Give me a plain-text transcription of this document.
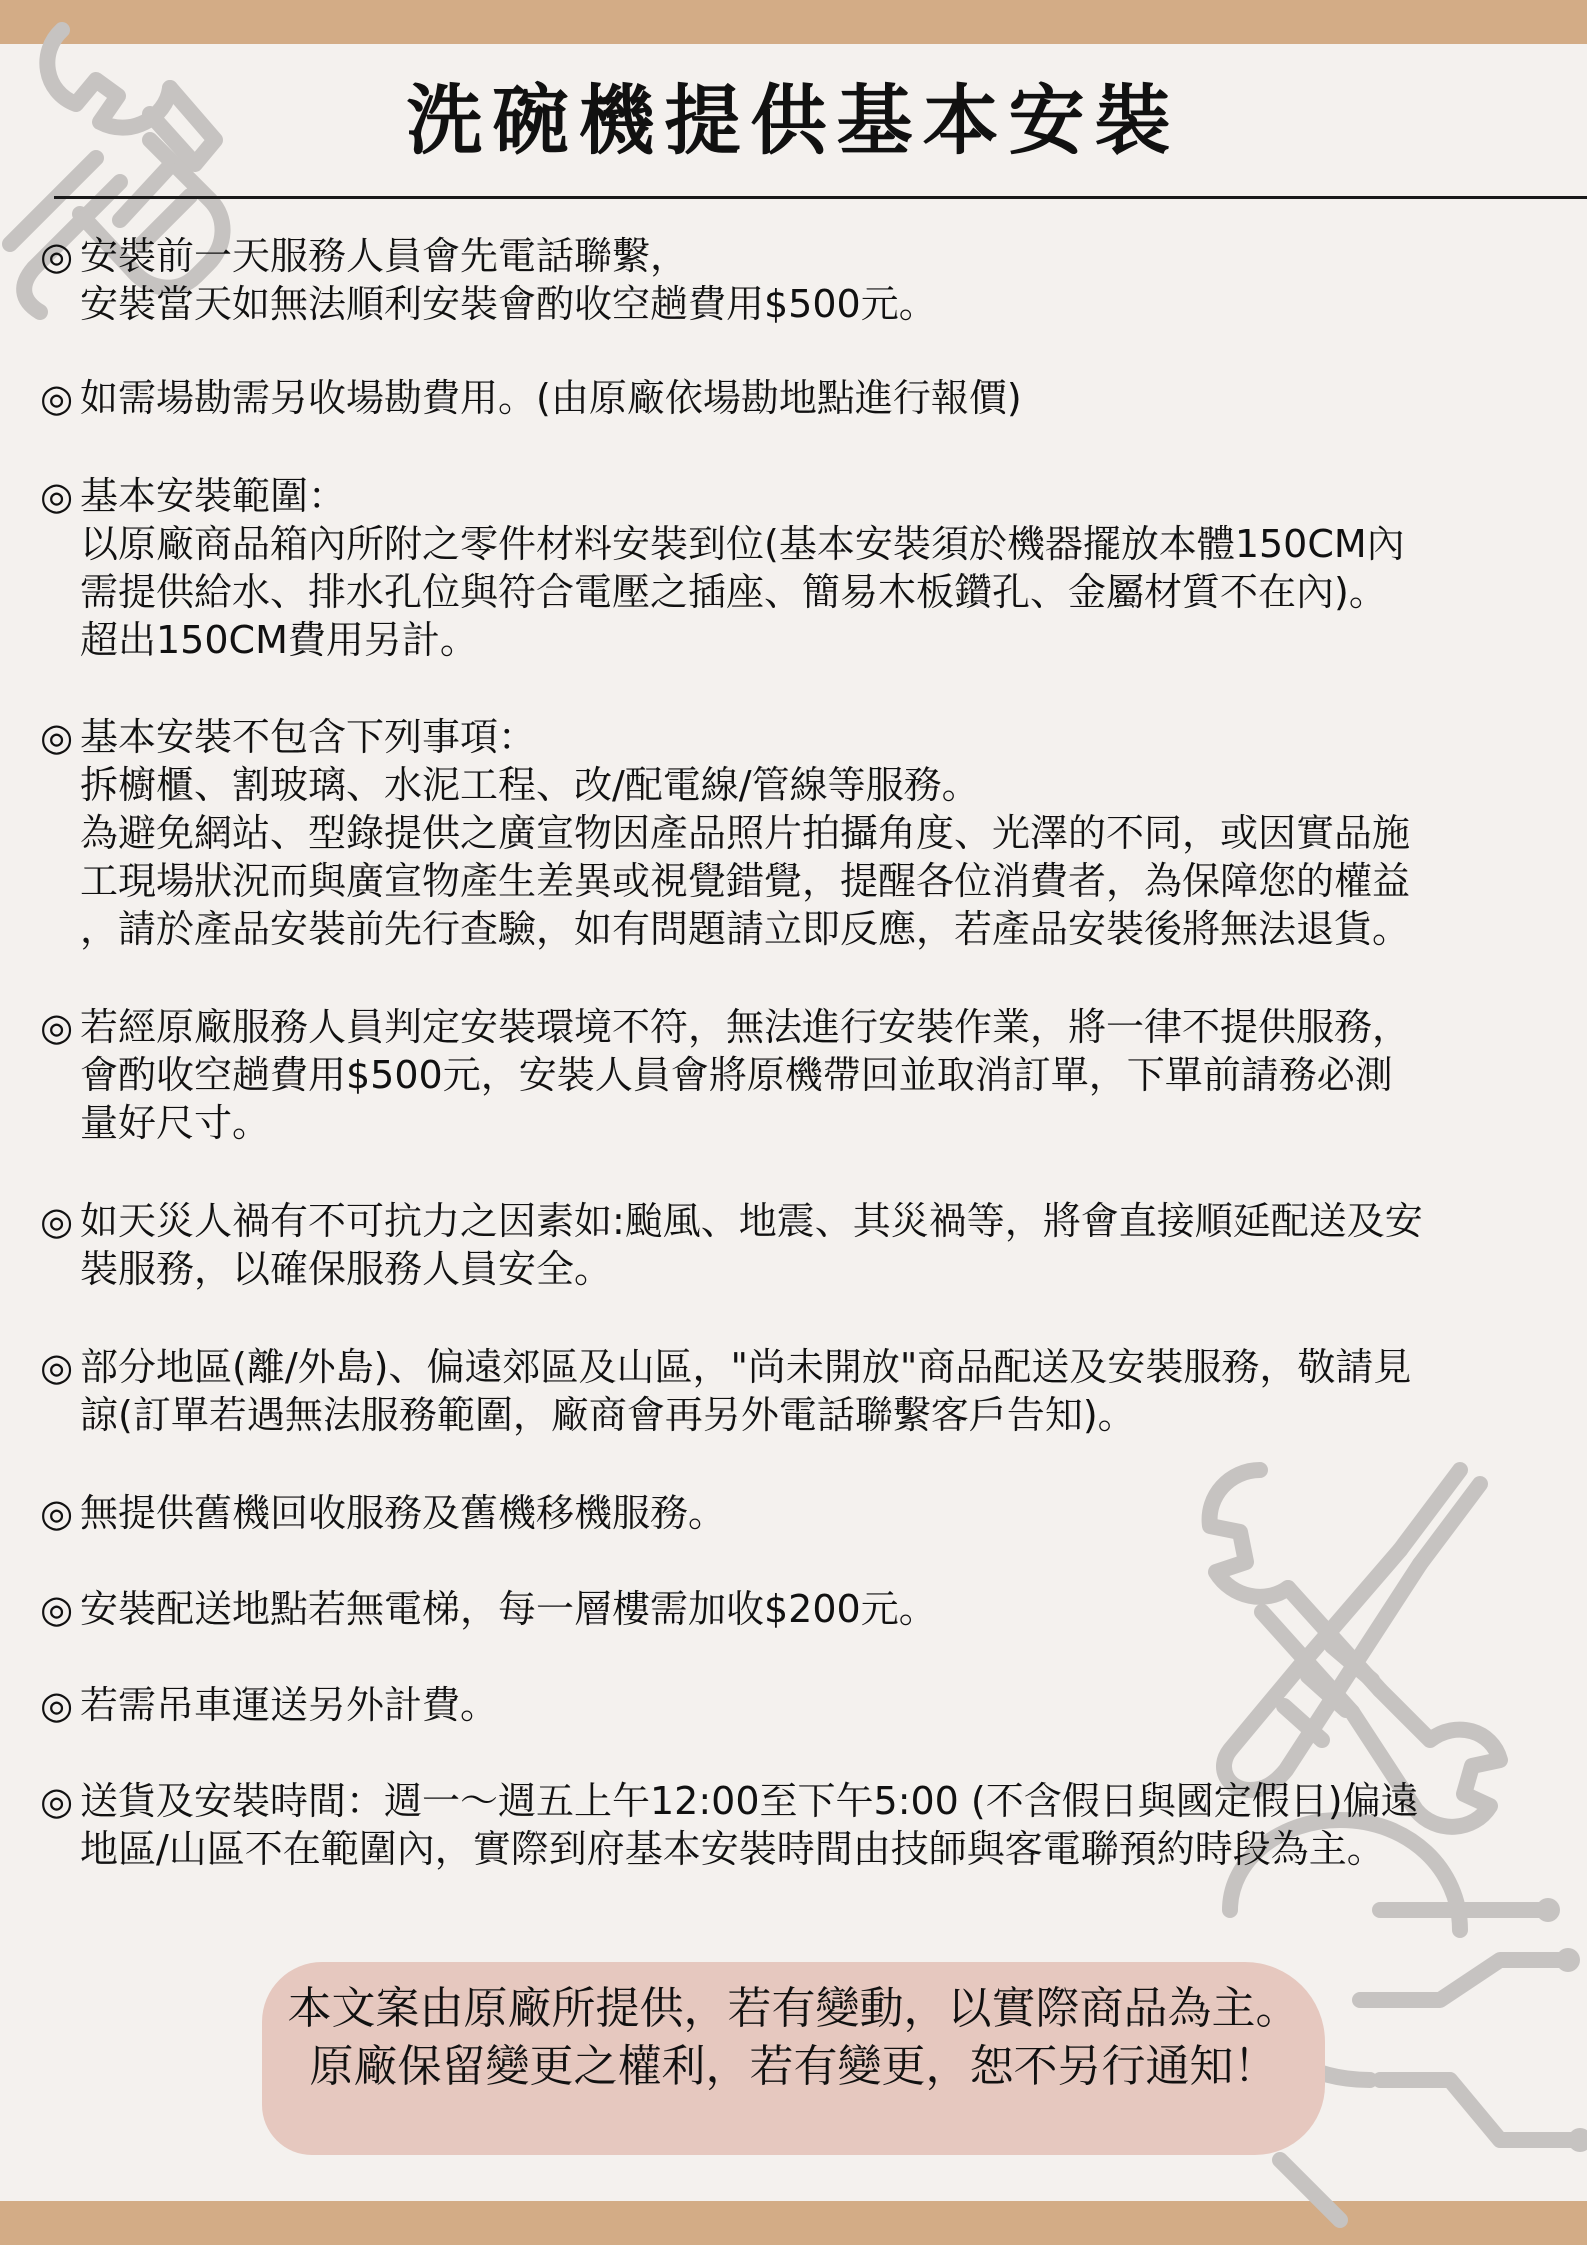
洗碗機提供基本安裝
◎ 安裝前一天服務人員會先電話聯繫，
安裝當天如無法順利安裝會酌收空趟費用$500元。
◎ 如需場勘需另收場勘費用。(由原廠依場勘地點進行報價)
◎ 基本安裝範圍：
以原廠商品箱內所附之零件材料安裝到位(基本安裝須於機器擺放本體150CM內
需提供給水、排水孔位與符合電壓之插座、簡易木板鑽孔、金屬材質不在內)。
超出150CM費用另計。
◎ 基本安裝不包含下列事項：
拆櫥櫃、割玻璃、水泥工程、改/配電線/管線等服務。
為避免網站、型錄提供之廣宣物因產品照片拍攝角度、光澤的不同，或因實品施
工現場狀況而與廣宣物產生差異或視覺錯覺，提醒各位消費者，為保障您的權益
，請於產品安裝前先行查驗，如有問題請立即反應，若產品安裝後將無法退貨。
◎ 若經原廠服務人員判定安裝環境不符，無法進行安裝作業，將一律不提供服務，
會酌收空趟費用$500元，安裝人員會將原機帶回並取消訂單，下單前請務必測
量好尺寸。
◎ 如天災人禍有不可抗力之因素如:颱風、地震、其災禍等，將會直接順延配送及安
裝服務，以確保服務人員安全。
◎ 部分地區(離/外島)、偏遠郊區及山區，"尚未開放"商品配送及安裝服務，敬請見
諒(訂單若遇無法服務範圍，廠商會再另外電話聯繫客戶告知)。
◎ 無提供舊機回收服務及舊機移機服務。
◎ 安裝配送地點若無電梯，每一層樓需加收$200元。
◎ 若需吊車運送另外計費。
◎ 送貨及安裝時間：週一～週五上午12:00至下午5:00 (不含假日與國定假日)偏遠
地區/山區不在範圍內，實際到府基本安裝時間由技師與客電聯預約時段為主。
本文案由原廠所提供，若有變動，以實際商品為主。
原廠保留變更之權利，若有變更，恕不另行通知！
